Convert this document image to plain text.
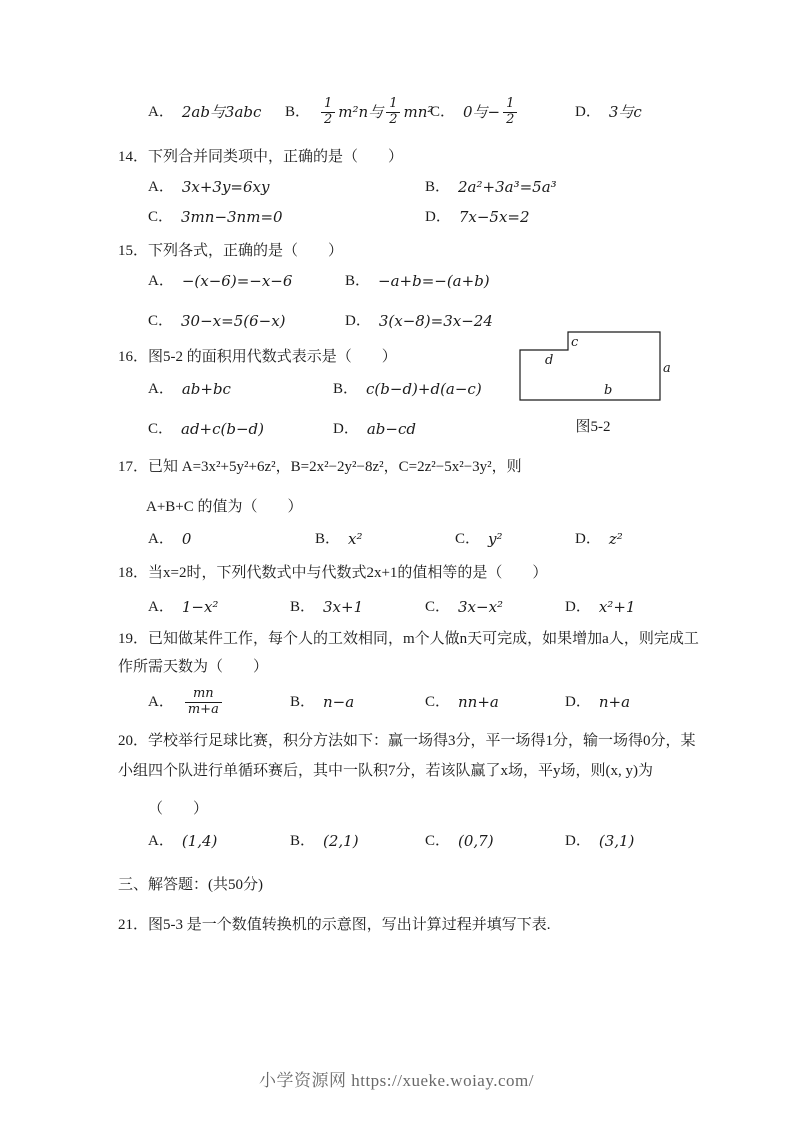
A． 2ab与3abc B． $\frac{1}{2} m^2n$与 $\frac{1}{2} mn^2$
C． 0与− $\frac{1}{2}$	D． 3与c
14．下列合并同类项中，正确的是（　　）
A． 3x+3y=6xy	B． 2a²+3a³=5a³
C． 3mn−3nm=0	D． 7x−5x=2
15．下列各式，正确的是（　　）
A． −(x−6)=−x−6	B． −a+b=−(a+b)
C． 30−x=5(6−x)	D． 3(x−8)=3x−24
16．图5-2 的面积用代数式表示是（　　）
A． ab+bc	B． c(b−d)+d(a−c)
C． ad+c(b−d)	D． ab−cd
17．已知 A=3x²+5y²+6z²，B=2x²−2y²−8z²，C=2z²−5x²−3y²，则
A+B+C 的值为（　　）
A． 0	B． x²	C． y²	D． z²
18．当x=2时，下列代数式中与代数式2x+1的值相等的是（　　）
A． 1−x²	B． 3x+1	C． 3x−x²	D． x²+1
19．已知做某件工作，每个人的工效相同，m个人做n天可完成，如果增加a人，则完成工
作所需天数为（　　）
A． $\frac{mn}{m+a}$	B． n−a	C． nn+a	D． n+a
20．学校举行足球比赛，积分方法如下：赢一场得3分，平一场得1分，输一场得0分，某
小组四个队进行单循环赛后，其中一队积7分，若该队赢了x场，平y场，则(x, y)为
（　　）
A． (1,4)	B． (2,1)	C． (0,7)	D． (3,1)
三、解答题：(共50分)
21．图5-3 是一个数值转换机的示意图，写出计算过程并填写下表.
c
d
a
b
图5-2
小学资源网 https://xueke.woiay.com/
